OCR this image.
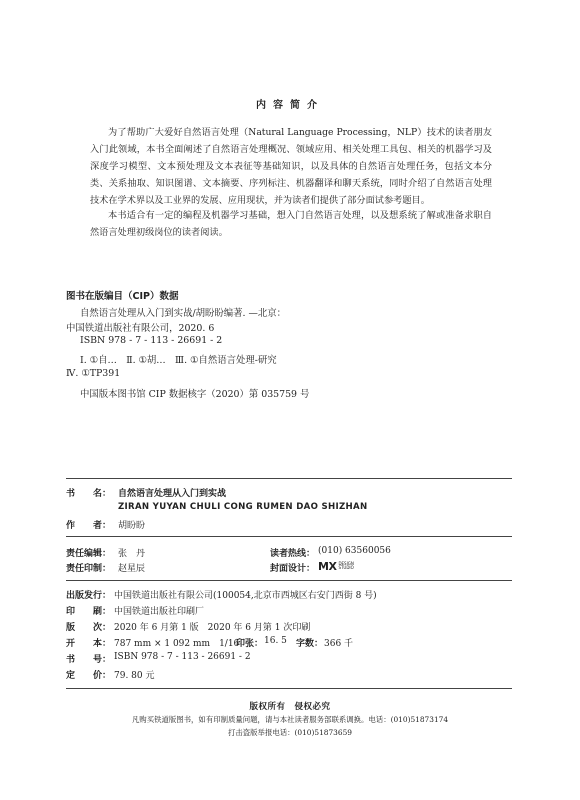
内容简介

为了帮助广大爱好自然语言处理（Natural Language Processing，NLP）技术的读者朋友入门此领域，本书全面阐述了自然语言处理概况、领域应用、相关处理工具包、相关的机器学习及深度学习模型、文本预处理及文本表征等基础知识，以及具体的自然语言处理任务，包括文本分类、关系抽取、知识图谱、文本摘要、序列标注、机器翻译和聊天系统，同时介绍了自然语言处理技术在学术界以及工业界的发展、应用现状，并为读者们提供了部分面试参考题目。

本书适合有一定的编程及机器学习基础，想入门自然语言处理，以及想系统了解或准备求职自然语言处理初级岗位的读者阅读。

图书在版编目（CIP）数据
自然语言处理从入门到实战/胡盼盼编著. —北京：
中国铁道出版社有限公司，2020. 6
ISBN 978 - 7 - 113 - 26691 - 2
Ⅰ. ①自…　Ⅱ. ①胡…　Ⅲ. ①自然语言处理-研究
Ⅳ. ①TP391
中国版本图书馆 CIP 数据核字（2020）第 035759 号
书　　名： 自然语言处理从入门到实战
ZIRAN YUYAN CHULI CONG RUMEN DAO SHIZHAN
作　　者： 胡盼盼
责任编辑： 张　丹	读者热线： (010) 63560056
责任印制： 赵星辰	封面设计： MX DESIGN
STUDIO
出版发行： 中国铁道出版社有限公司(100054,北京市西城区右安门西街 8 号)
印　　刷： 中国铁道出版社印刷厂
版　　次： 2020 年 6 月第 1 版　2020 年 6 月第 1 次印刷
开　　本： 787 mm × 1 092 mm　1/16
印张： 16. 5 字数： 366 千
书　　号： ISBN 978 - 7 - 113 - 26691 - 2
定　　价： 79. 80 元
版权所有　侵权必究
凡购买铁道版图书，如有印制质量问题，请与本社读者服务部联系调换。电话：(010)51873174
打击盗版举报电话：(010)51873659
